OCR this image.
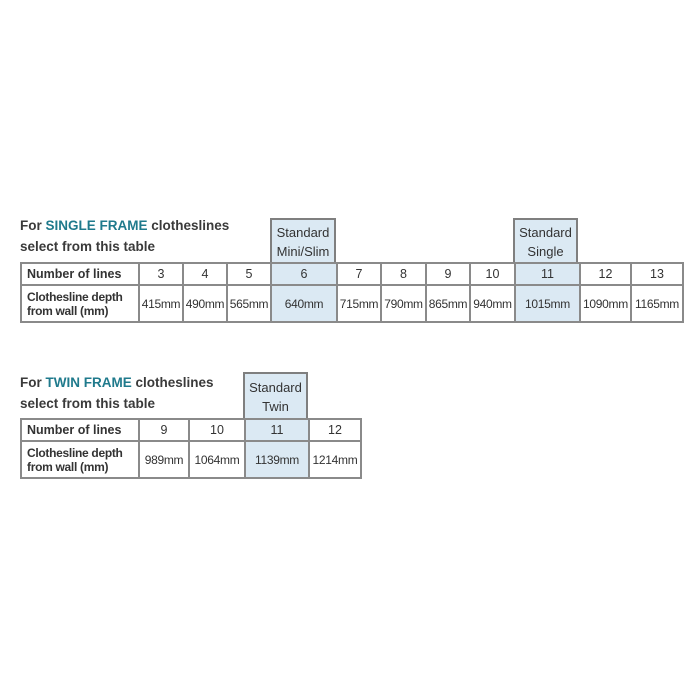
For SINGLE FRAME clotheslines
select from this table
Standard
Mini/Slim
Standard
Single
Number of lines	3	4	5	6	7	8	9	10	11	12	13

Clothesline depth
from wall (mm)	415mm	490mm	565mm	640mm	715mm	790mm	865mm	940mm	1015mm	1090mm	1165mm
For TWIN FRAME clotheslines
select from this table
Standard
Twin
Number of lines	9	10	11	12

Clothesline depth
from wall (mm)	989mm	1064mm	1139mm	1214mm
